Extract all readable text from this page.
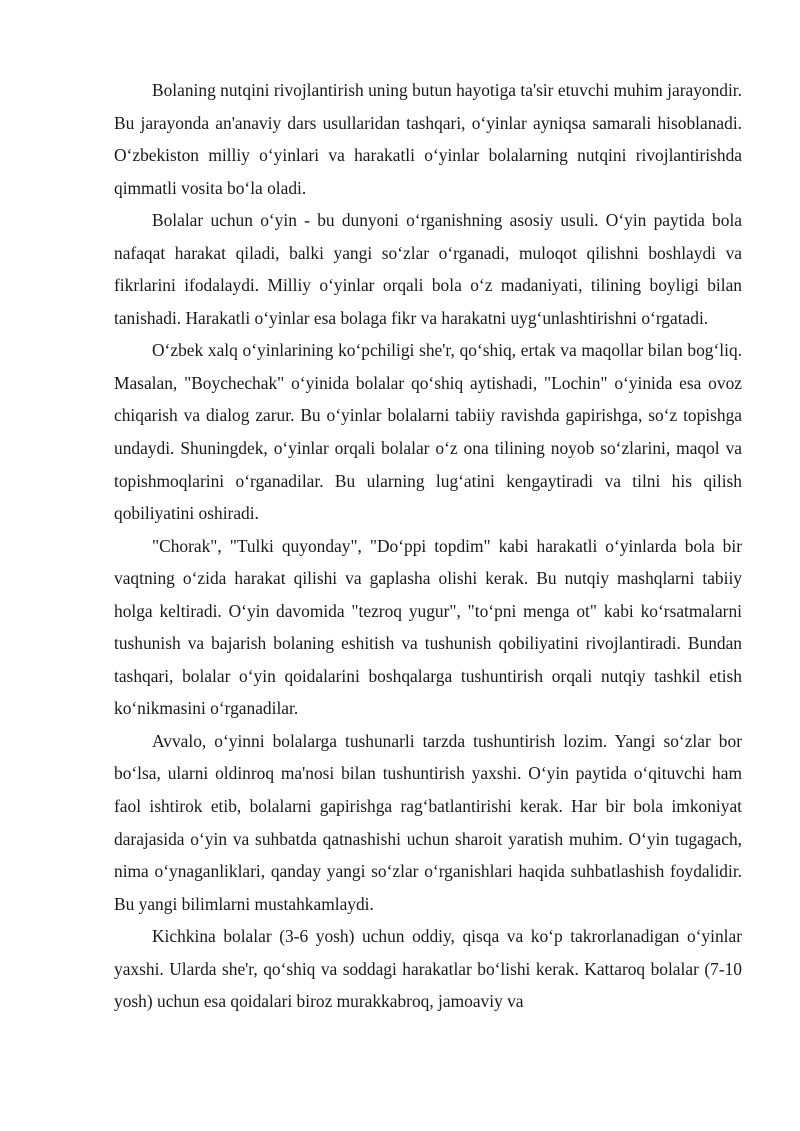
Bolaning nutqini rivojlantirish uning butun hayotiga ta'sir etuvchi muhim jarayondir. Bu jarayonda an'anaviy dars usullaridan tashqari, o‘yinlar ayniqsa samarali hisoblanadi. O‘zbekiston milliy o‘yinlari va harakatli o‘yinlar bolalarning nutqini rivojlantirishda qimmatli vosita bo‘la oladi.

Bolalar uchun o‘yin - bu dunyoni o‘rganishning asosiy usuli. O‘yin paytida bola nafaqat harakat qiladi, balki yangi so‘zlar o‘rganadi, muloqot qilishni boshlaydi va fikrlarini ifodalaydi. Milliy o‘yinlar orqali bola o‘z madaniyati, tilining boyligi bilan tanishadi. Harakatli o‘yinlar esa bolaga fikr va harakatni uyg‘unlashtirishni o‘rgatadi.

O‘zbek xalq o‘yinlarining ko‘pchiligi she'r, qo‘shiq, ertak va maqollar bilan bog‘liq. Masalan, "Boychechak" o‘yinida bolalar qo‘shiq aytishadi, "Lochin" o‘yinida esa ovoz chiqarish va dialog zarur. Bu o‘yinlar bolalarni tabiiy ravishda gapirishga, so‘z topishga undaydi. Shuningdek, o‘yinlar orqali bolalar o‘z ona tilining noyob so‘zlarini, maqol va topishmoqlarini o‘rganadilar. Bu ularning lug‘atini kengaytiradi va tilni his qilish qobiliyatini oshiradi.

"Chorak", "Tulki quyonday", "Do‘ppi topdim" kabi harakatli o‘yinlarda bola bir vaqtning o‘zida harakat qilishi va gaplasha olishi kerak. Bu nutqiy mashqlarni tabiiy holga keltiradi. O‘yin davomida "tezroq yugur", "to‘pni menga ot" kabi ko‘rsatmalarni tushunish va bajarish bolaning eshitish va tushunish qobiliyatini rivojlantiradi. Bundan tashqari, bolalar o‘yin qoidalarini boshqalarga tushuntirish orqali nutqiy tashkil etish ko‘nikmasini o‘rganadilar.

Avvalo, o‘yinni bolalarga tushunarli tarzda tushuntirish lozim. Yangi so‘zlar bor bo‘lsa, ularni oldinroq ma'nosi bilan tushuntirish yaxshi. O‘yin paytida o‘qituvchi ham faol ishtirok etib, bolalarni gapirishga rag‘batlantirishi kerak. Har bir bola imkoniyat darajasida o‘yin va suhbatda qatnashishi uchun sharoit yaratish muhim. O‘yin tugagach, nima o‘ynaganliklari, qanday yangi so‘zlar o‘rganishlari haqida suhbatlashish foydalidir. Bu yangi bilimlarni mustahkamlaydi.

Kichkina bolalar (3-6 yosh) uchun oddiy, qisqa va ko‘p takrorlanadigan o‘yinlar yaxshi. Ularda she'r, qo‘shiq va soddagi harakatlar bo‘lishi kerak. Kattaroq bolalar (7-10 yosh) uchun esa qoidalari biroz murakkabroq, jamoaviy va
